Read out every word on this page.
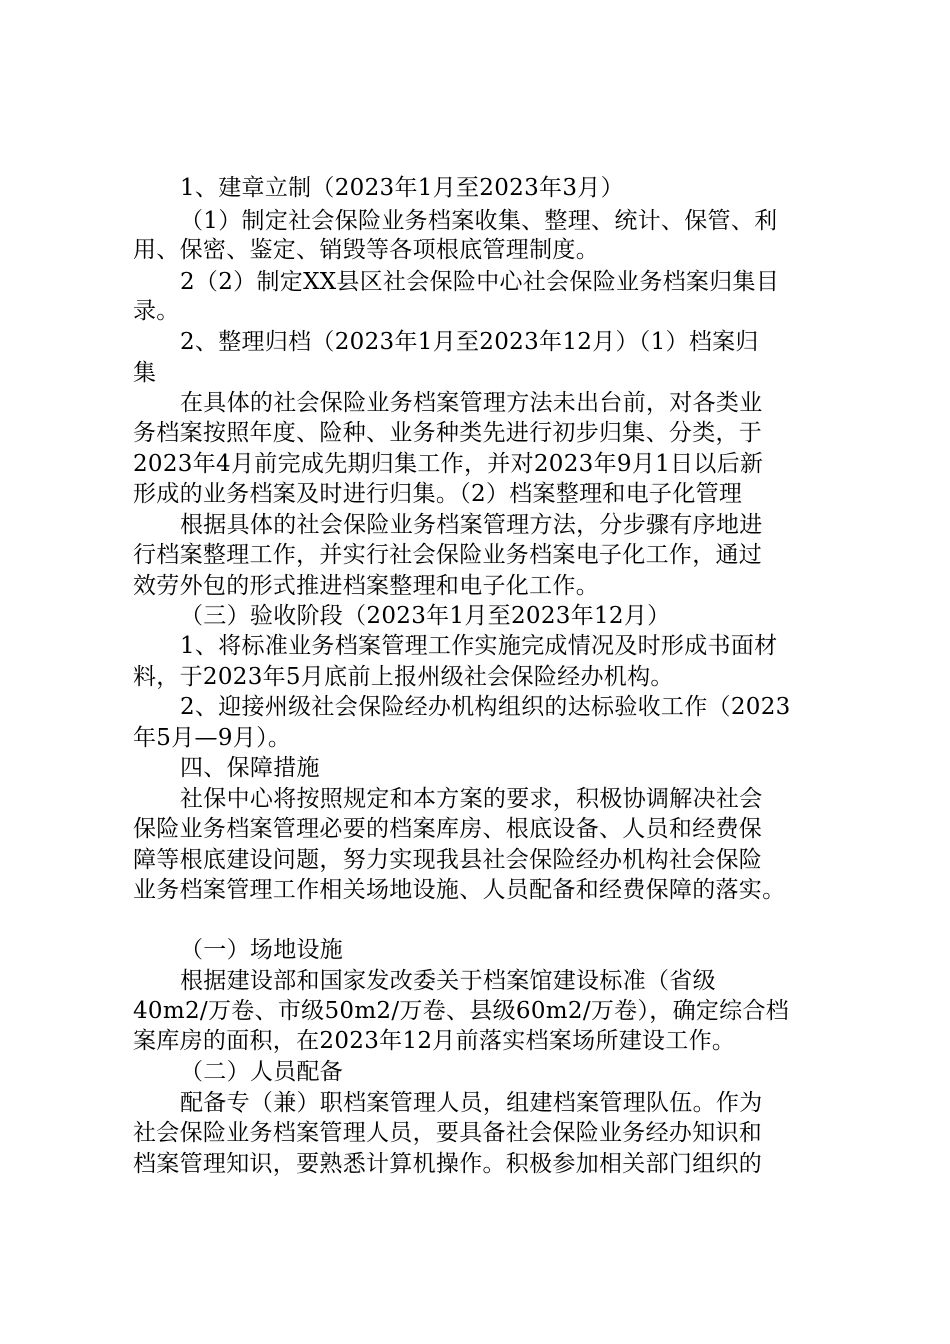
1、建章立制（2023年1月至2023年3月）
（1）制定社会保险业务档案收集、整理、统计、保管、利
用、保密、鉴定、销毁等各项根底管理制度。
2（2）制定XX县区社会保险中心社会保险业务档案归集目
录。
2、整理归档（2023年1月至2023年12月）（1）档案归
集
在具体的社会保险业务档案管理方法未出台前，对各类业
务档案按照年度、险种、业务种类先进行初步归集、分类，于
2023年4月前完成先期归集工作，并对2023年9月1日以后新
形成的业务档案及时进行归集。（2）档案整理和电子化管理
根据具体的社会保险业务档案管理方法，分步骤有序地进
行档案整理工作，并实行社会保险业务档案电子化工作，通过
效劳外包的形式推进档案整理和电子化工作。
（三）验收阶段（2023年1月至2023年12月）
1、将标准业务档案管理工作实施完成情况及时形成书面材
料，于2023年5月底前上报州级社会保险经办机构。
2、迎接州级社会保险经办机构组织的达标验收工作（2023
年5月—9月）。
四、保障措施
社保中心将按照规定和本方案的要求，积极协调解决社会
保险业务档案管理必要的档案库房、根底设备、人员和经费保
障等根底建设问题，努力实现我县社会保险经办机构社会保险
业务档案管理工作相关场地设施、人员配备和经费保障的落实。
（一）场地设施
根据建设部和国家发改委关于档案馆建设标准（省级
40m2/万卷、市级50m2/万卷、县级60m2/万卷），确定综合档
案库房的面积，在2023年12月前落实档案场所建设工作。
（二）人员配备
配备专（兼）职档案管理人员，组建档案管理队伍。作为
社会保险业务档案管理人员，要具备社会保险业务经办知识和
档案管理知识，要熟悉计算机操作。积极参加相关部门组织的
